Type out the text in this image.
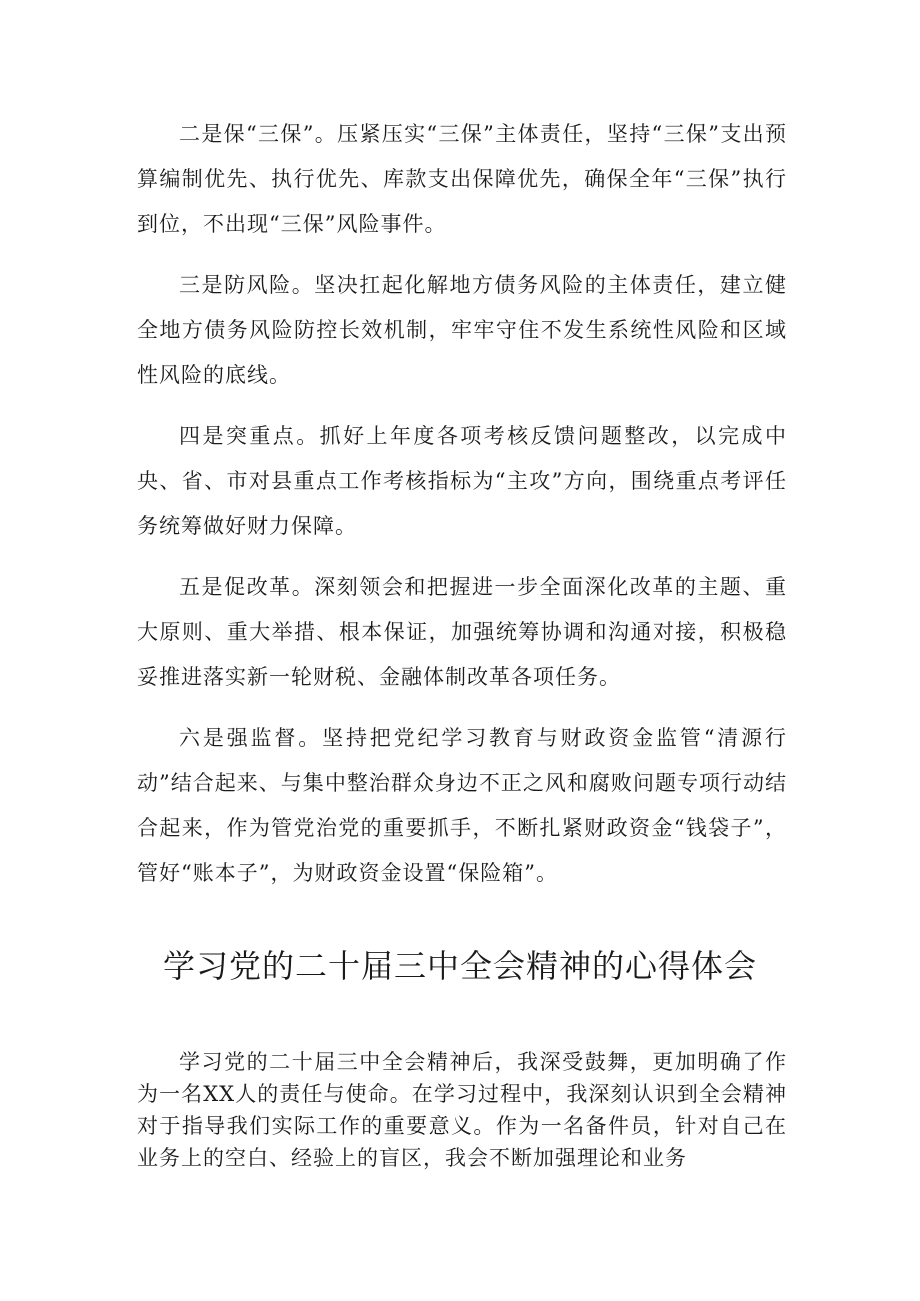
二是保“三保”。压紧压实“三保”主体责任，坚持“三保”支出预算编制优先、执行优先、库款支出保障优先，确保全年“三保”执行到位，不出现“三保”风险事件。

三是防风险。坚决扛起化解地方债务风险的主体责任，建立健全地方债务风险防控长效机制，牢牢守住不发生系统性风险和区域性风险的底线。

四是突重点。抓好上年度各项考核反馈问题整改，以完成中央、省、市对县重点工作考核指标为“主攻”方向，围绕重点考评任务统筹做好财力保障。

五是促改革。深刻领会和把握进一步全面深化改革的主题、重大原则、重大举措、根本保证，加强统筹协调和沟通对接，积极稳妥推进落实新一轮财税、金融体制改革各项任务。

六是强监督。坚持把党纪学习教育与财政资金监管“清源行动”结合起来、与集中整治群众身边不正之风和腐败问题专项行动结合起来，作为管党治党的重要抓手，不断扎紧财政资金“钱袋子”，管好“账本子”，为财政资金设置“保险箱”。

学习党的二十届三中全会精神的心得体会

学习党的二十届三中全会精神后，我深受鼓舞，更加明确了作为一名XX人的责任与使命。在学习过程中，我深刻认识到全会精神对于指导我们实际工作的重要意义。作为一名备件员，针对自己在业务上的空白、经验上的盲区，我会不断加强理论和业务
